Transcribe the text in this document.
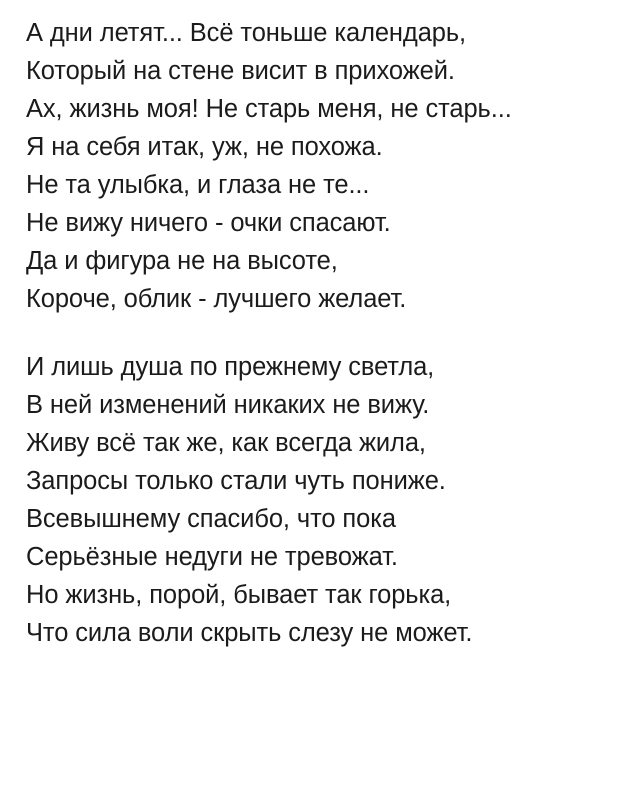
А дни летят... Всё тоньше календарь,
Который на стене висит в прихожей.
Ах, жизнь моя! Не старь меня, не старь...
Я на себя итак, уж, не похожа.
Не та улыбка, и глаза не те...
Не вижу ничего - очки спасают.
Да и фигура не на высоте,
Короче, облик - лучшего желает.
И лишь душа по прежнему светла,
В ней изменений никаких не вижу.
Живу всё так же, как всегда жила,
Запросы только стали чуть пониже.
Всевышнему спасибо, что пока
Серьёзные недуги не тревожат.
Но жизнь, порой, бывает так горька,
Что сила воли скрыть слезу не может.
